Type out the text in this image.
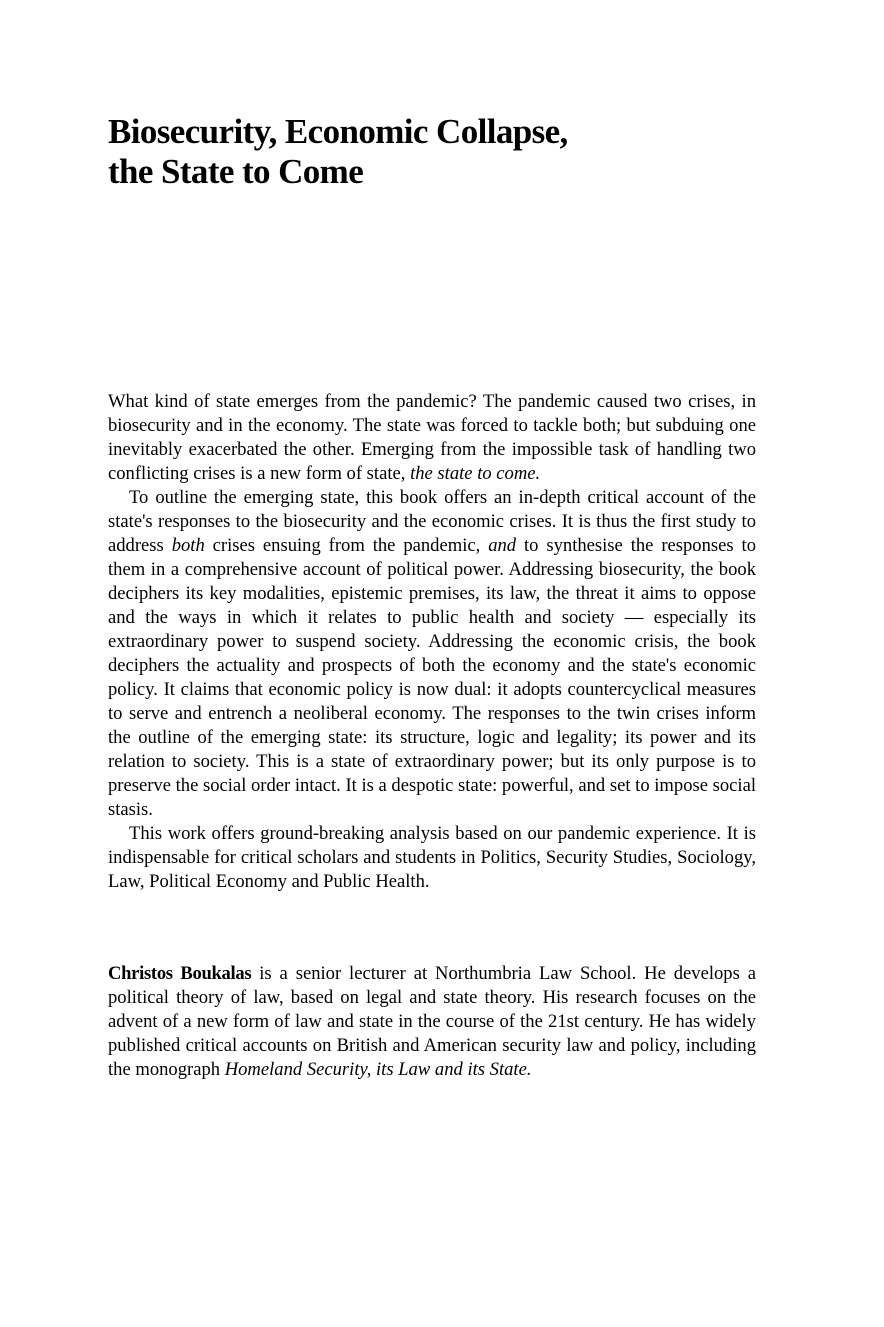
Biosecurity, Economic Collapse,
the State to Come

What kind of state emerges from the pandemic? The pandemic caused two crises, in biosecurity and in the economy. The state was forced to tackle both; but subduing one inevitably exacerbated the other. Emerging from the impossible task of handling two conflicting crises is a new form of state, the state to come.

To outline the emerging state, this book offers an in-depth critical account of the state's responses to the biosecurity and the economic crises. It is thus the first study to address both crises ensuing from the pandemic, and to synthesise the responses to them in a comprehensive account of political power. Addressing biosecurity, the book deciphers its key modalities, epistemic premises, its law, the threat it aims to oppose and the ways in which it relates to public health and society — especially its extraordinary power to suspend society. Addressing the economic crisis, the book deciphers the actuality and prospects of both the economy and the state's economic policy. It claims that economic policy is now dual: it adopts countercyclical measures to serve and entrench a neoliberal economy. The responses to the twin crises inform the outline of the emerging state: its structure, logic and legality; its power and its relation to society. This is a state of extraordinary power; but its only purpose is to preserve the social order intact. It is a despotic state: powerful, and set to impose social stasis.

This work offers ground-breaking analysis based on our pandemic experience. It is indispensable for critical scholars and students in Politics, Security Studies, Sociology, Law, Political Economy and Public Health.

Christos Boukalas is a senior lecturer at Northumbria Law School. He develops a political theory of law, based on legal and state theory. His research focuses on the advent of a new form of law and state in the course of the 21st century. He has widely published critical accounts on British and American security law and policy, including the monograph Homeland Security, its Law and its State.
